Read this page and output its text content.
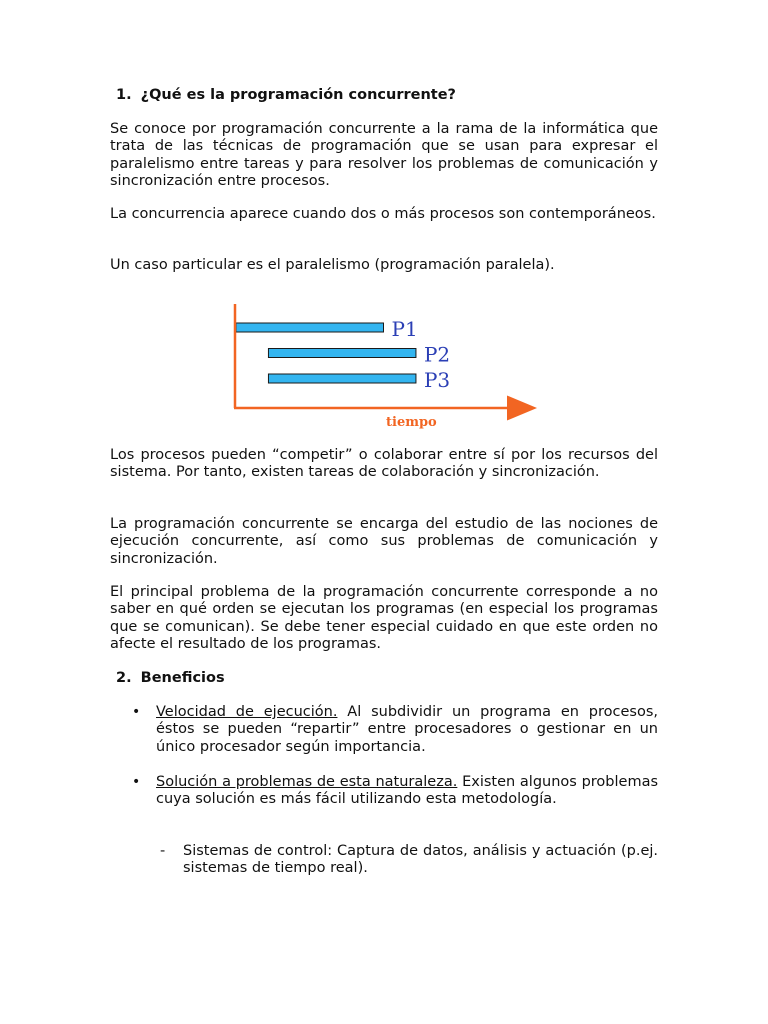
1. ¿Qué es la programación concurrente?
Se conoce por programación concurrente a la rama de la informática que trata de las técnicas de programación que se usan para expresar el paralelismo entre tareas y para resolver los problemas de comunicación y sincronización entre procesos.
La concurrencia aparece cuando dos o más procesos son contemporáneos.
Un caso particular es el paralelismo (programación paralela).
P1
P2
P3
tiempo
Los procesos pueden “competir” o colaborar entre sí por los recursos del sistema. Por tanto, existen tareas de colaboración y sincronización.
La programación concurrente se encarga del estudio de las nociones de ejecución concurrente, así como sus problemas de comunicación y sincronización.
El principal problema de la programación concurrente corresponde a no saber en qué orden se ejecutan los programas (en especial los programas que se comunican). Se debe tener especial cuidado en que este orden no afecte el resultado de los programas.
2. Beneficios
• Velocidad de ejecución. Al subdividir un programa en procesos, éstos se pueden “repartir” entre procesadores o gestionar en un único procesador según importancia.
• Solución a problemas de esta naturaleza. Existen algunos problemas cuya solución es más fácil utilizando esta metodología.
- Sistemas de control: Captura de datos, análisis y actuación (p.ej. sistemas de tiempo real).
